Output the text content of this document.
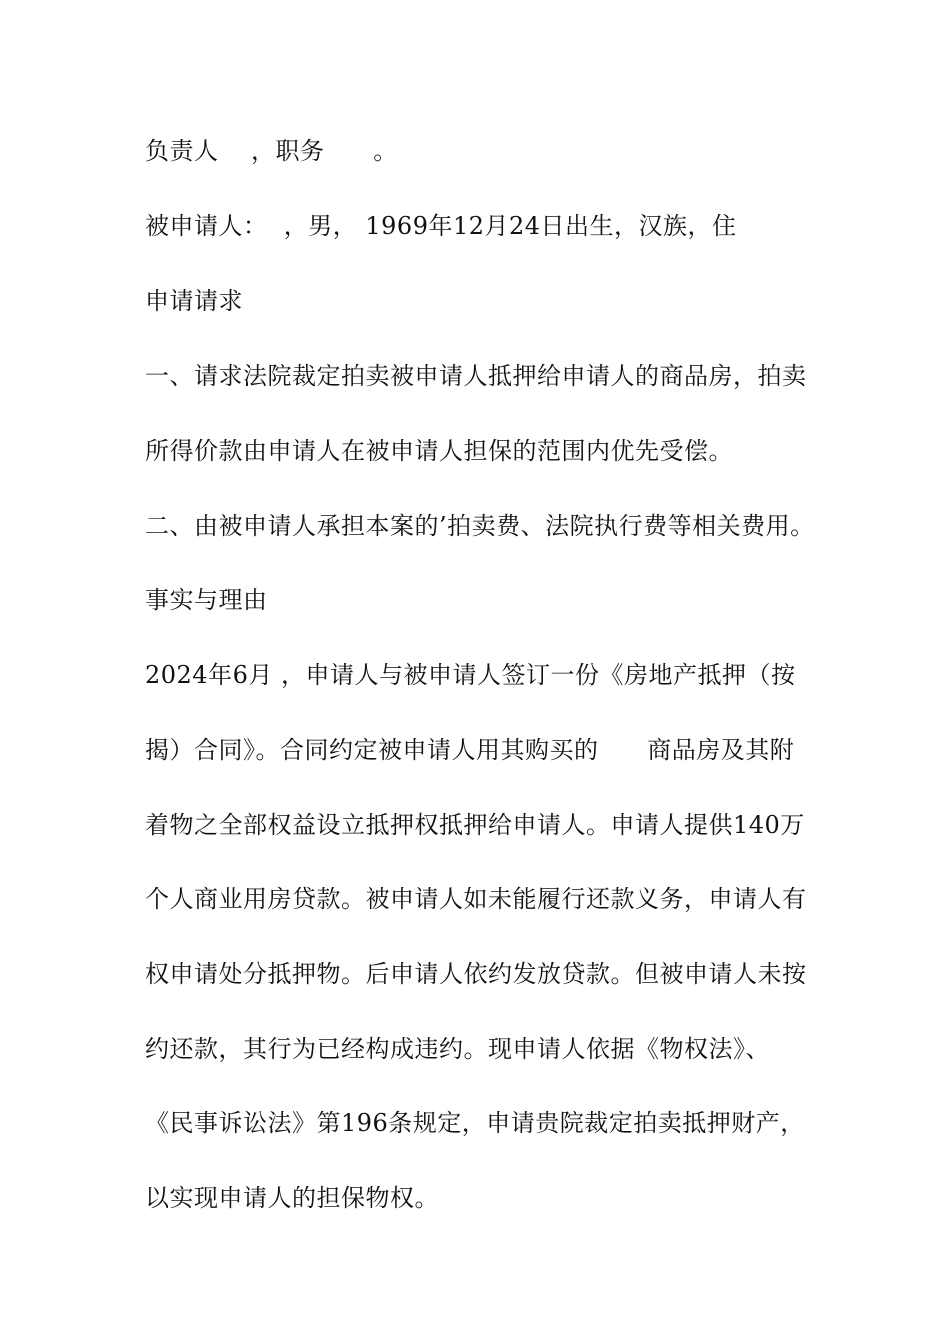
负责人    ，职务      。
被申请人：  ，男， 1969年12月24日出生，汉族，住
申请请求
一、请求法院裁定拍卖被申请人抵押给申请人的商品房，拍卖
所得价款由申请人在被申请人担保的范围内优先受偿。
二、由被申请人承担本案的’拍卖费、法院执行费等相关费用。
事实与理由
2024年6月 ，申请人与被申请人签订一份《房地产抵押（按
揭）合同》。合同约定被申请人用其购买的      商品房及其附
着物之全部权益设立抵押权抵押给申请人。申请人提供140万
个人商业用房贷款。被申请人如未能履行还款义务，申请人有
权申请处分抵押物。后申请人依约发放贷款。但被申请人未按
约还款，其行为已经构成违约。现申请人依据《物权法》、
《民事诉讼法》第196条规定，申请贵院裁定拍卖抵押财产，
以实现申请人的担保物权。
